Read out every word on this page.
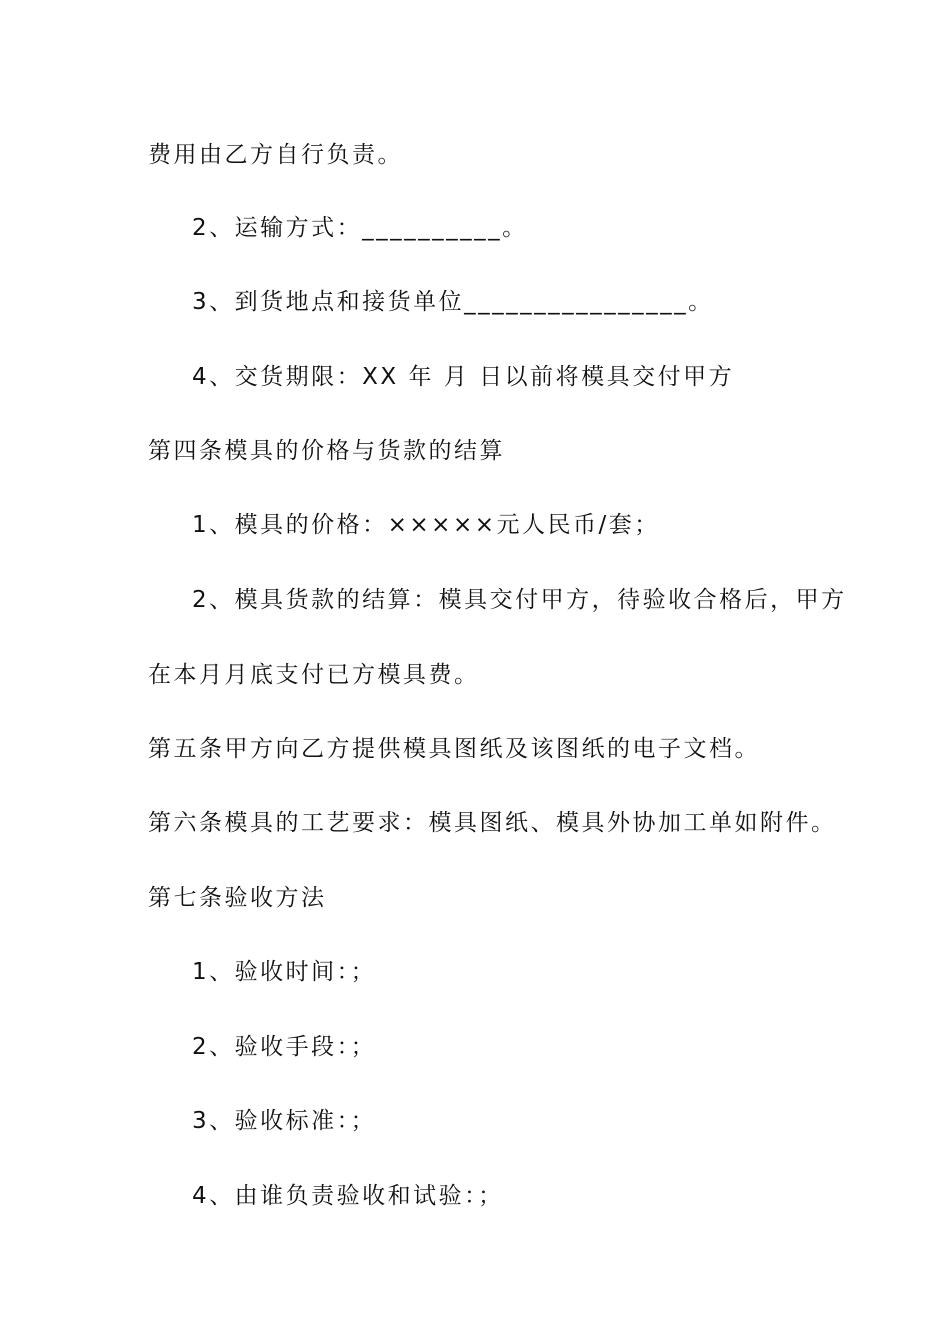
费用由乙方自行负责。
2、运输方式：__________。
3、到货地点和接货单位________________。
4、交货期限：XX 年 月 日以前将模具交付甲方
第四条模具的价格与货款的结算
1、模具的价格：×××××元人民币/套；
2、模具货款的结算：模具交付甲方，待验收合格后，甲方
在本月月底支付已方模具费。
第五条甲方向乙方提供模具图纸及该图纸的电子文档。
第六条模具的工艺要求：模具图纸、模具外协加工单如附件。
第七条验收方法
1、验收时间：；
2、验收手段：；
3、验收标准：；
4、由谁负责验收和试验：；
